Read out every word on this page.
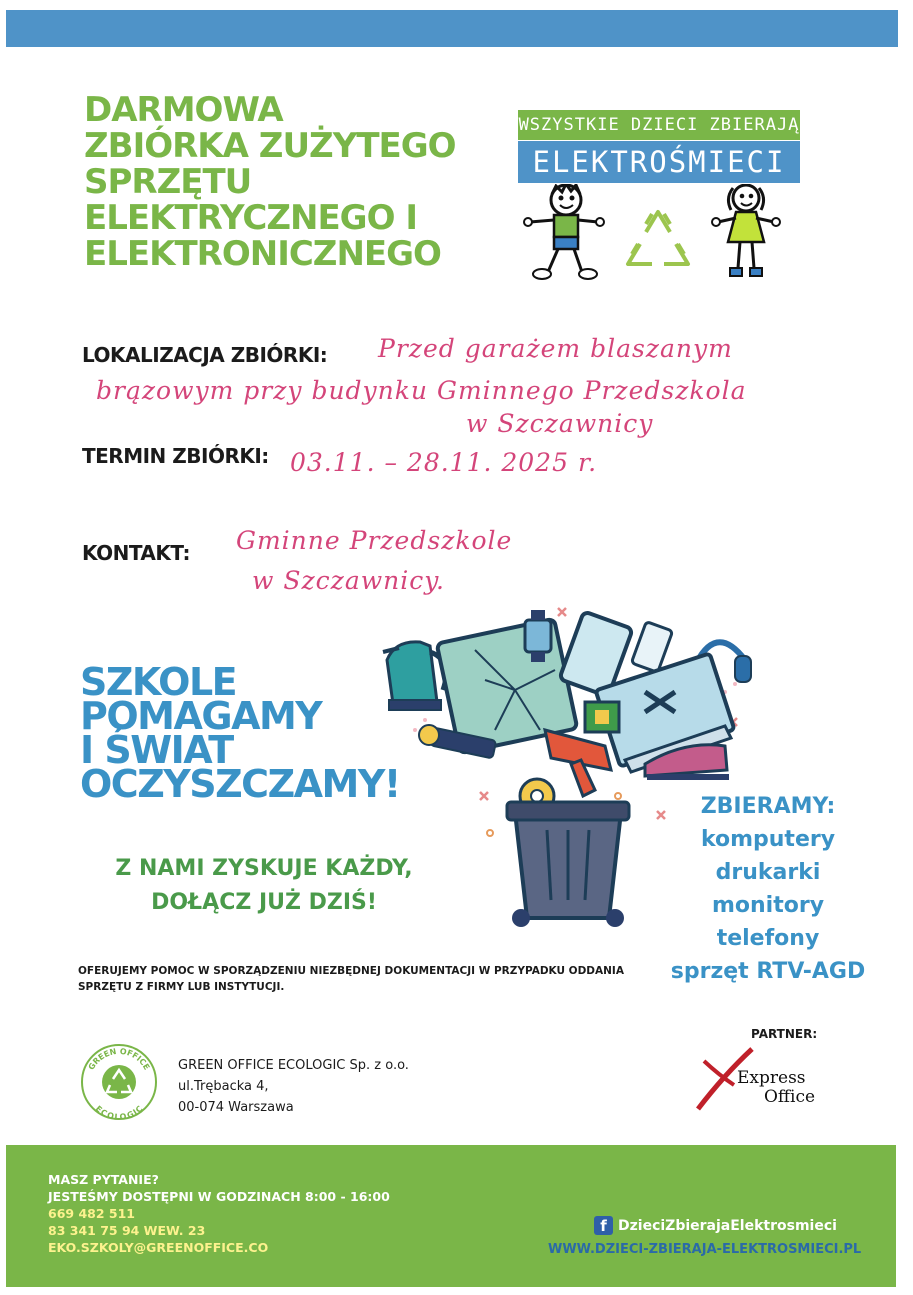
DARMOWA
ZBIÓRKA ZUŻYTEGO
SPRZĘTU
ELEKTRYCZNEGO I
ELEKTRONICZNEGO
WSZYSTKIE DZIECI ZBIERAJĄ
ELEKTROŚMIECI
LOKALIZACJA ZBIÓRKI: Przed garażem blaszanym
brązowym przy budynku Gminnego Przedszkola
w Szczawnicy
TERMIN ZBIÓRKI: 03.11. – 28.11. 2025 r.
KONTAKT: Gminne Przedszkole
w Szczawnicy.
SZKOLE
POMAGAMY
I ŚWIAT
OCZYSZCZAMY!
Z NAMI ZYSKUJE KAŻDY,
DOŁĄCZ JUŻ DZIŚ!
ZBIERAMY:
komputery
drukarki
monitory
telefony
sprzęt RTV-AGD
OFERUJEMY POMOC W SPORZĄDZENIU NIEZBĘDNEJ DOKUMENTACJI W PRZYPADKU ODDANIA SPRZĘTU Z FIRMY LUB INSTYTUCJI.
GREEN OFFICE
ECOLOGIC
GREEN OFFICE ECOLOGIC Sp. z o.o.
ul.Trębacka 4,
00-074 Warszawa
PARTNER:
Express
Office
MASZ PYTANIE?
JESTEŚMY DOSTĘPNI W GODZINACH 8:00 - 16:00
669 482 511
83 341 75 94 WEW. 23
EKO.SZKOLY@GREENOFFICE.CO
f DzieciZbierajaElektrosmieci
WWW.DZIECI-ZBIERAJA-ELEKTROSMIECI.PL
